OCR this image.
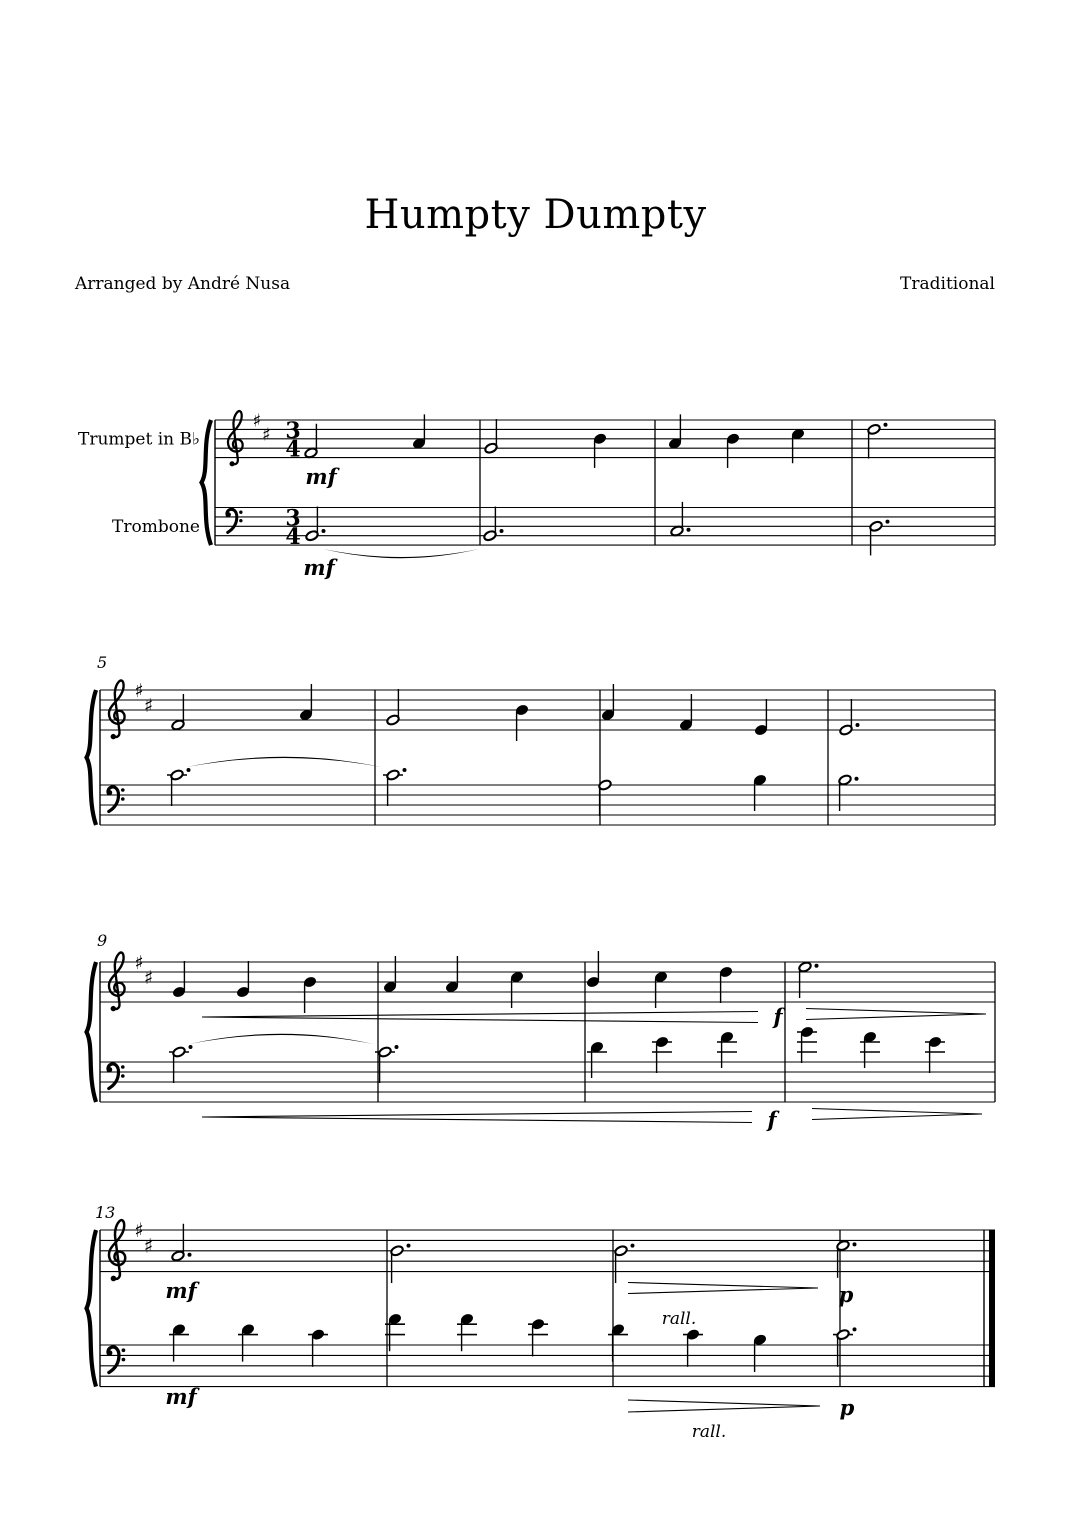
Humpty Dumpty
Arranged by André Nusa	Traditional
♯
♯ 3
4
3
4
Trumpet in B♭
Trombone
mf
mf
♯
♯
5
♯
♯
9
f
f
♯
♯
13
mf	p
rall.
mf	p
rall.
